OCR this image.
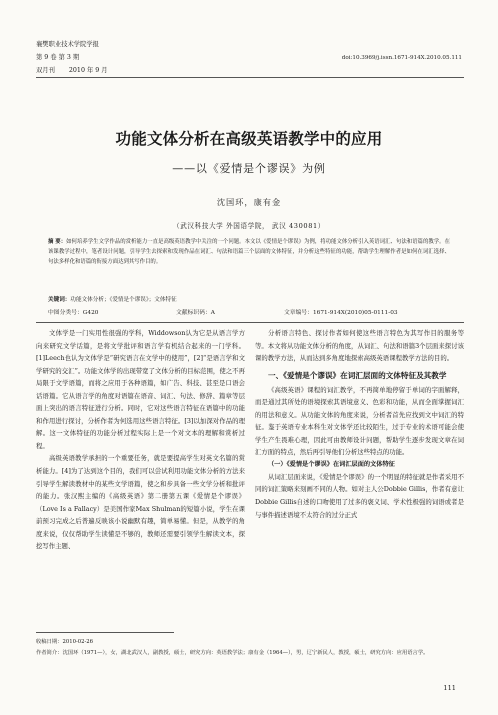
襄樊职业技术学院学报
第 9 卷 第 3 期
双月刊 2010 年 9 月
doi:10.3969/j.issn.1671-914X.2010.05.111
功能文体分析在高级英语教学中的应用
——以《爱情是个谬误》为例
沈国环，康有金
（武汉科技大学 外国语学院， 武汉 430081）
摘 要：如何培养学生文学作品的赏析能力一直是高级英语教学中关注的一个问题。本文以《爱情是个谬误》为例，将功能文体分析引入英语词汇、句法和语篇的教学。在该课教学过程中，笔者设计问题，引导学生去探索和发现作品在词汇、句法和语篇三个层面的文体特征，并分析这些特征的功能，帮助学生理解作者是如何在词汇选择、句法多样化和语篇的衔接方面达到其写作目的。
关键词：功能文体分析；《爱情是个谬误》；文体特征
中图分类号：G420	文献标识码：A	文章编号：1671-914X(2010)05-0111-03

文体学是一门实用性很强的学科，Widdowson认为它是从语言学方向来研究文学话篇，是将文学批评和语言学有机结合起来的一门学科。[1]Leech也认为文体学是“研究语言在文学中的使用”，[2]“是语言学和文学研究的交汇”。功能文体学的出现带宽了文体分析的目标范围，使之不再局限于文学语篇，而将之应用于各种语篇，如广告、科技、甚至是口语会话语篇。它从语言学的角度对语篇在语音、词汇、句法、修辞、篇章等层面上突出的语言特征进行分析。同时，它对这些语言特征在语篇中的功能和作用进行探讨，分析作者为何选用这些语言特征。[3]以加深对作品的理解。这一文体特征的功能分析过程实际上是一个对文本的理解和赏析过程。

高级英语教学承担的一个重要任务，就是要提高学生对英文名篇的赏析能力。[4]为了达到这个目的，我们可以尝试利用功能文体分析的方法来引导学生解读教材中的某些文学语篇，使之和步具备一些文学分析和批评的能力。张汉熙主编的《高级英语》第二册第五课《爱情是个谬误》（Love Is a Fallacy）是美国作家Max Shulman的短篇小说，学生在课前预习完成之后普遍反映该小说幽默有趣，简单易懂。但是，从教学的角度来说，仅仅帮助学生读懂是不够的，教师还需要引领学生解读文本，探挖写作主题、

分析语言特色、探讨作者如何使这些语言特色为其写作目的服务等等。本文将从功能文体分析的角度，从词汇、句法和语篇3个层面来探讨该课的教学方法，从而达到多角度地探索高级英语课程教学方法的目的。

一、《爱情是个谬误》在词汇层面的文体特征及其教学

《高级英语》课程的词汇教学，不再简单地停留于单词的字面解释，而是通过其所处的语境探索其语境意义、色彩和功能，从而全面掌握词汇的用法和意义。从功能文体的角度来说，分析者首先应找到文中词汇的特征。鉴于英语专业本科生对文体学还比较陌生，过于专业的术语可能会使学生产生畏难心理，因此可由教师设计问题，帮助学生逐步发现文章在词汇方面的特点，然后再引导他们分析这些特点的功能。

（一）《爱情是个谬误》在词汇层面的文体特征

从词汇层面来说，《爱情是个谬误》的一个明显的特征就是作者采用不同的词汇策略来刻画不同的人物。如对主人公Dobbie Gillis，作者有意让Dobbie Gillis自述的口吻使用了过多的褒义词、学术性极强的词语或者是与事件描述语境不太符合的过分正式

收稿日期：2010-02-26
作者简介：沈国环（1971—），女，湖北武汉人，副教授，硕士，研究方向：英语教学法；康有金（1964—），男，辽宁新民人，教授，硕士，研究方向：应用语言学。
111
